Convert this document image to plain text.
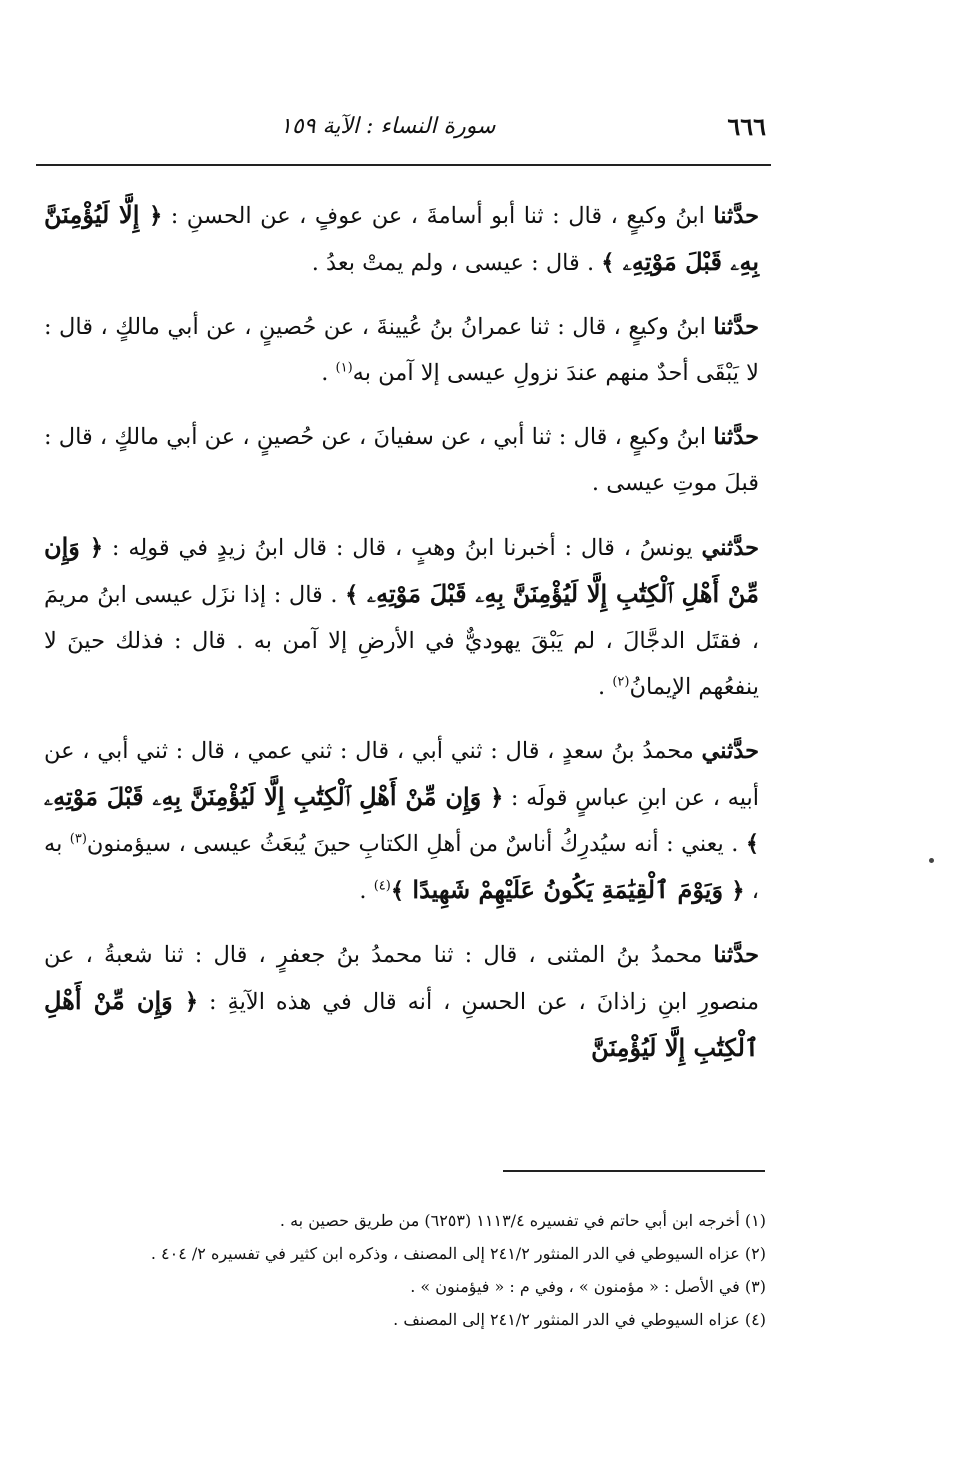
٦٦٦
سورة النساء : الآية ١٥٩

حدَّثنا ابنُ وكيعٍ ، قال : ثنا أبو أسامةَ ، عن عوفٍ ، عن الحسنِ : ﴿ إِلَّا لَيُؤْمِنَنَّ بِهِۦ قَبْلَ مَوْتِهِۦ ﴾ . قال : عيسى ، ولم يمتْ بعدُ .

حدَّثنا ابنُ وكيعٍ ، قال : ثنا عمرانُ بنُ عُيينةَ ، عن حُصينٍ ، عن أبي مالكٍ ، قال : لا يَبْقَى أحدٌ منهم عندَ نزولِ عيسى إلا آمن به$^{(١)}$ .

حدَّثنا ابنُ وكيعٍ ، قال : ثنا أبي ، عن سفيانَ ، عن حُصينٍ ، عن أبي مالكٍ ، قال : قبلَ موتِ عيسى .

حدَّثني يونسُ ، قال : أخبرنا ابنُ وهبٍ ، قال : قال ابنُ زيدٍ في قولِه : ﴿ وَإِن مِّنْ أَهْلِ ٱلْكِتَٰبِ إِلَّا لَيُؤْمِنَنَّ بِهِۦ قَبْلَ مَوْتِهِۦ ﴾ . قال : إذا نزَل عيسى ابنُ مريمَ ، فقتَل الدجَّالَ ، لم يَبْقَ يهوديٌّ في الأرضِ إلا آمن به . قال : فذلك حينَ لا ينفعُهم الإيمانُ$^{(٢)}$ .

حدَّثني محمدُ بنُ سعدٍ ، قال : ثني أبي ، قال : ثني عمي ، قال : ثني أبي ، عن أبيه ، عن ابنِ عباسٍ قولَه : ﴿ وَإِن مِّنْ أَهْلِ ٱلْكِتَٰبِ إِلَّا لَيُؤْمِنَنَّ بِهِۦ قَبْلَ مَوْتِهِۦ ﴾ . يعني : أنه سيُدرِكُ أناسٌ من أهلِ الكتابِ حينَ يُبعَثُ عيسى ، سيؤمنون$^{(٣)}$ به ، ﴿ وَيَوْمَ ٱلْقِيَٰمَةِ يَكُونُ عَلَيْهِمْ شَهِيدًا ﴾$^{(٤)}$ .

حدَّثنا محمدُ بنُ المثنى ، قال : ثنا محمدُ بنُ جعفرٍ ، قال : ثنا شعبةُ ، عن منصورِ ابنِ زاذانَ ، عن الحسنِ ، أنه قال في هذه الآيةِ : ﴿ وَإِن مِّنْ أَهْلِ ٱلْكِتَٰبِ إِلَّا لَيُؤْمِنَنَّ

(١) أخرجه ابن أبي حاتم في تفسيره ١١١٣/٤ (٦٢٥٣) من طريق حصين به .

(٢) عزاه السيوطي في الدر المنثور ٢٤١/٢ إلى المصنف ، وذكره ابن كثير في تفسيره ٢/ ٤٠٤ .

(٣) في الأصل : « مؤمنون » ، وفي م : « فيؤمنون » .

(٤) عزاه السيوطي في الدر المنثور ٢٤١/٢ إلى المصنف .
